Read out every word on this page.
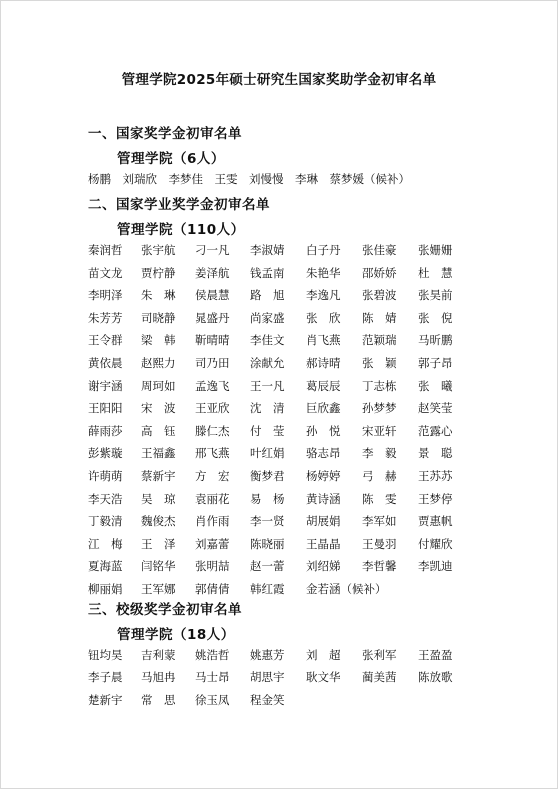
管理学院2025年硕士研究生国家奖助学金初审名单
一、国家奖学金初审名单
管理学院（6人）
杨鹏　刘瑞欣　李梦佳　王雯　刘慢慢　李琳　蔡梦媛（候补）
二、国家学业奖学金初审名单
管理学院（110人）
秦润哲 张宇航 刁一凡 李淑婧 白子丹 张佳豪 张姗姗
苗文龙 贾柠静 姜泽航 钱孟南 朱艳华 邵娇娇 杜　慧
李明泽 朱　琳 侯晨慧 路　旭 李逸凡 张碧波 张昊前
朱芳芳 司晓静 晁盛丹 尚家盛 张　欣 陈　婧 张　倪
王令群 梁　韩 靳晴晴 李佳文 肖飞燕 范颖瑞 马昕鹏
黄依晨 赵熙力 司乃田 涂献允 郝诗晴 张　颖 郭子昂
谢宇涵 周珂如 孟逸飞 王一凡 葛辰辰 丁志栋 张　曦
王阳阳 宋　波 王亚欣 沈　清 巨欣鑫 孙梦梦 赵笑莹
薛雨莎 高　钰 滕仁杰 付　莹 孙　悦 宋亚轩 范露心
彭紫璇 王福鑫 邢飞燕 叶红娟 骆志昂 李　毅 景　聪
许萌萌 蔡新宇 方　宏 衡梦君 杨婷婷 弓　赫 王苏苏
李天浩 吴　琼 袁丽花 易　杨 黄诗涵 陈　雯 王梦停
丁毅清 魏俊杰 肖作雨 李一贤 胡展娟 李军如 贾惠帆
江　梅 王　泽 刘嘉蕾 陈晓丽 王晶晶 王曼羽 付耀欣
夏海蓝 闫铭华 张明喆 赵一蕾 刘绍娣 李哲馨 李凯迪
柳丽娟 王军娜 郭倩倩 韩红霞 金若涵（候补）
三、校级奖学金初审名单
管理学院（18人）
钮均昊 吉利蒙 姚浩哲 姚惠芳 刘　超 张利军 王盈盈
李子晨 马旭冉 马士昂 胡思宇 耿文华 蔺美茜 陈放歌
楚新宇 常　思 徐玉凤 程金笑
